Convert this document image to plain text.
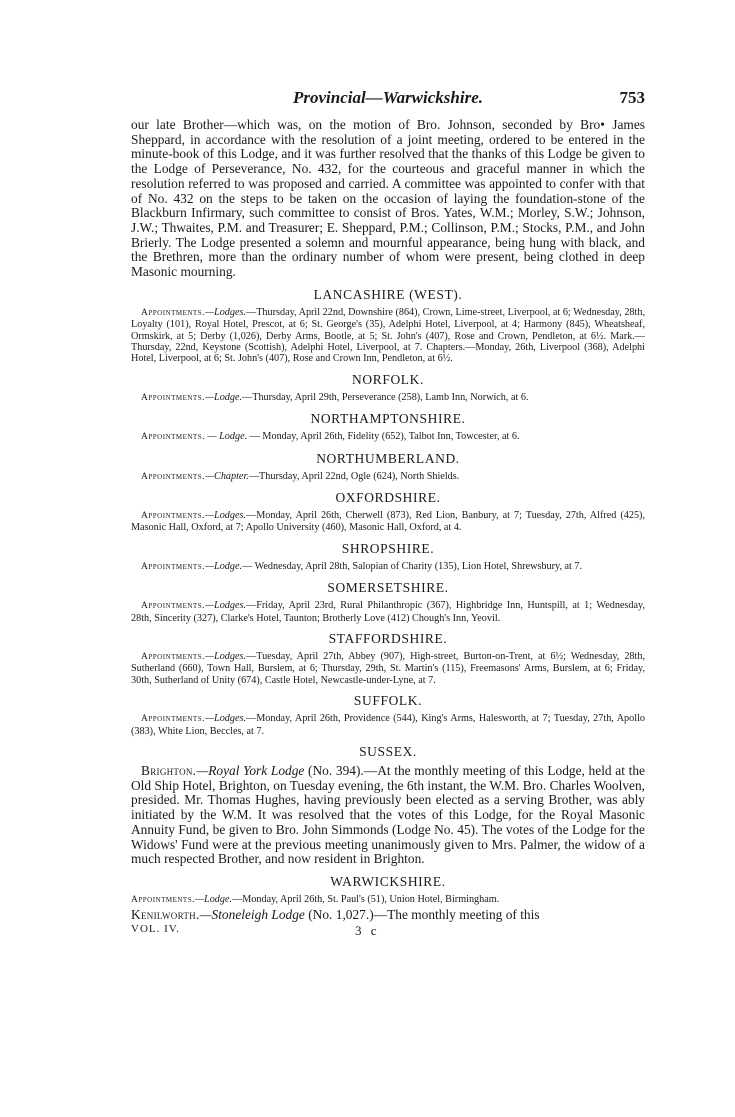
Provincial—Warwickshire.	753

our late Brother—which was, on the motion of Bro. Johnson, seconded by Bro• James Sheppard, in accordance with the resolution of a joint meeting, ordered to be entered in the minute-book of this Lodge, and it was further resolved that the thanks of this Lodge be given to the Lodge of Perseverance, No. 432, for the courteous and graceful manner in which the resolution referred to was proposed and carried. A committee was appointed to confer with that of No. 432 on the steps to be taken on the occasion of laying the foundation-stone of the Blackburn Infirmary, such committee to consist of Bros. Yates, W.M.; Morley, S.W.; Johnson, J.W.; Thwaites, P.M. and Treasurer; E. Sheppard, P.M.; Collinson, P.M.; Stocks, P.M., and John Brierly. The Lodge presented a solemn and mournful appearance, being hung with black, and the Brethren, more than the ordinary number of whom were present, being clothed in deep Masonic mourning.

LANCASHIRE (WEST).

Appointments.—Lodges.—Thursday, April 22nd, Downshire (864), Crown, Lime-street, Liverpool, at 6; Wednesday, 28th, Loyalty (101), Royal Hotel, Prescot, at 6; St. George's (35), Adelphi Hotel, Liverpool, at 4; Harmony (845), Wheatsheaf, Ormskirk, at 5; Derby (1,026), Derby Arms, Bootle, at 5; St. John's (407), Rose and Crown, Pendleton, at 6½. Mark.—Thursday, 22nd, Keystone (Scottish), Adelphi Hotel, Liverpool, at 7. Chapters.—Monday, 26th, Liverpool (368), Adelphi Hotel, Liverpool, at 6; St. John's (407), Rose and Crown Inn, Pendleton, at 6½.

NORFOLK.

Appointments.—Lodge.—Thursday, April 29th, Perseverance (258), Lamb Inn, Norwich, at 6.

NORTHAMPTONSHIRE.

Appointments. — Lodge. — Monday, April 26th, Fidelity (652), Talbot Inn, Towcester, at 6.

NORTHUMBERLAND.

Appointments.—Chapter.—Thursday, April 22nd, Ogle (624), North Shields.

OXFORDSHIRE.

Appointments.—Lodges.—Monday, April 26th, Cherwell (873), Red Lion, Banbury, at 7; Tuesday, 27th, Alfred (425), Masonic Hall, Oxford, at 7; Apollo University (460), Masonic Hall, Oxford, at 4.

SHROPSHIRE.

Appointments.—Lodge.— Wednesday, April 28th, Salopian of Charity (135), Lion Hotel, Shrewsbury, at 7.

SOMERSETSHIRE.

Appointments.—Lodges.—Friday, April 23rd, Rural Philanthropic (367), Highbridge Inn, Huntspill, at 1; Wednesday, 28th, Sincerity (327), Clarke's Hotel, Taunton; Brotherly Love (412) Chough's Inn, Yeovil.

STAFFORDSHIRE.

Appointments.—Lodges.—Tuesday, April 27th, Abbey (907), High-street, Burton-on-Trent, at 6½; Wednesday, 28th, Sutherland (660), Town Hall, Burslem, at 6; Thursday, 29th, St. Martin's (115), Freemasons' Arms, Burslem, at 6; Friday, 30th, Sutherland of Unity (674), Castle Hotel, Newcastle-under-Lyne, at 7.

SUFFOLK.

Appointments.—Lodges.—Monday, April 26th, Providence (544), King's Arms, Halesworth, at 7; Tuesday, 27th, Apollo (383), White Lion, Beccles, at 7.

SUSSEX.

Brighton.—Royal York Lodge (No. 394).—At the monthly meeting of this Lodge, held at the Old Ship Hotel, Brighton, on Tuesday evening, the 6th instant, the W.M. Bro. Charles Woolven, presided. Mr. Thomas Hughes, having previously been elected as a serving Brother, was ably initiated by the W.M. It was resolved that the votes of this Lodge, for the Royal Masonic Annuity Fund, be given to Bro. John Simmonds (Lodge No. 45). The votes of the Lodge for the Widows' Fund were at the previous meeting unanimously given to Mrs. Palmer, the widow of a much respected Brother, and now resident in Brighton.

WARWICKSHIRE.

Appointments.—Lodge.—Monday, April 26th, St. Paul's (51), Union Hotel, Birmingham.

Kenilworth.—Stoneleigh Lodge (No. 1,027.)—The monthly meeting of this

VOL. IV.	3 c
